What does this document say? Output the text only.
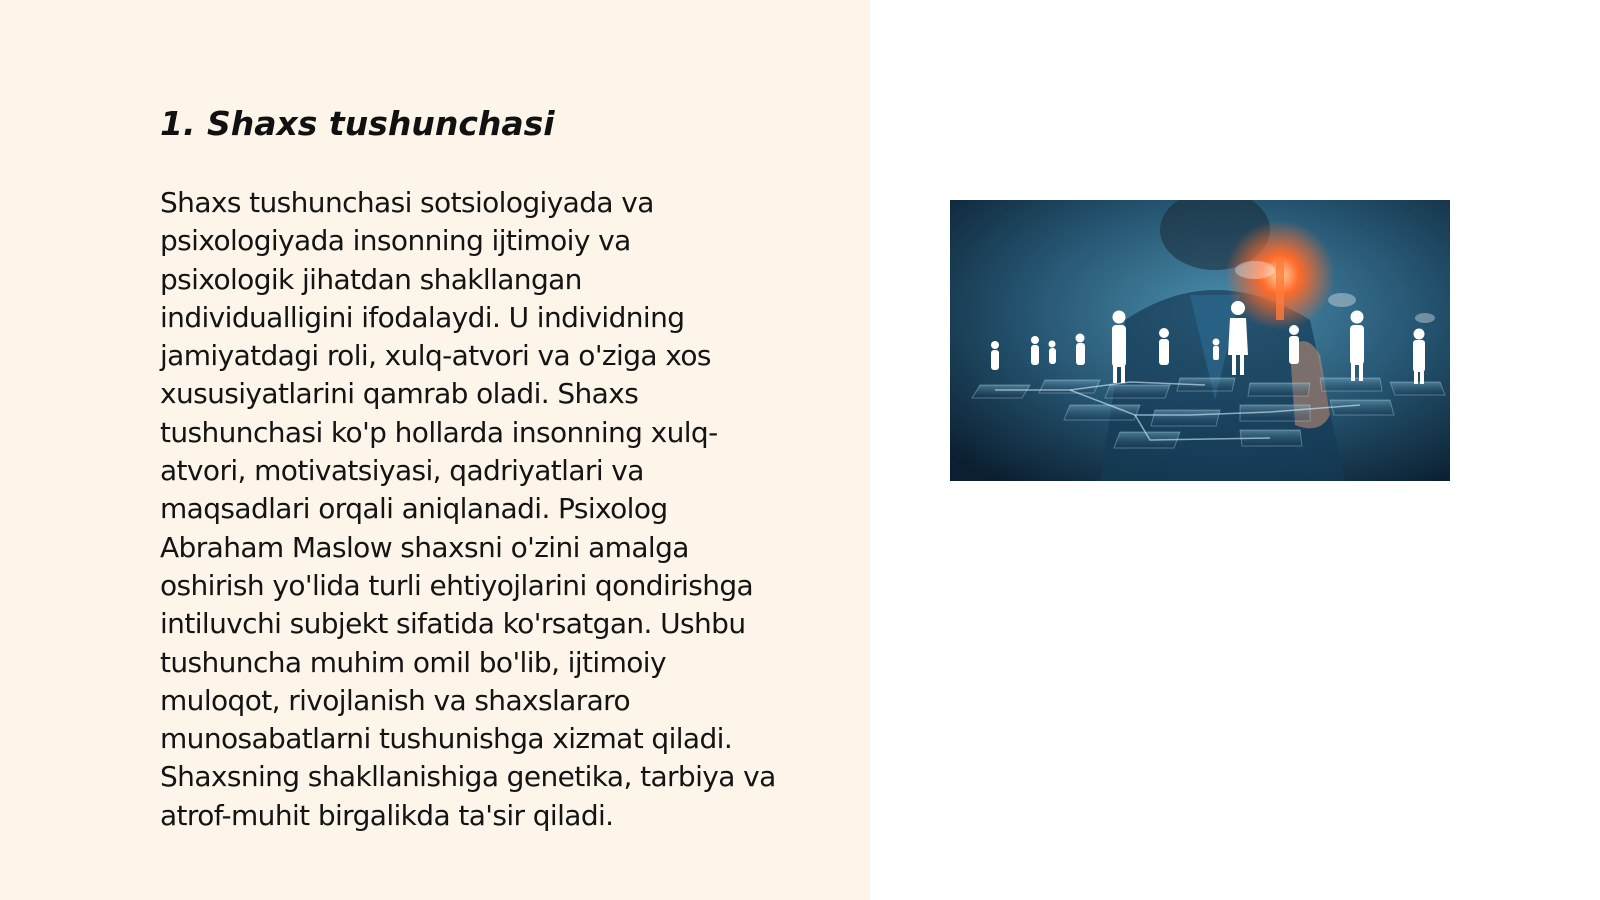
1. Shaxs tushunchasi
Shaxs tushunchasi sotsiologiyada va
psixologiyada insonning ijtimoiy va
psixologik jihatdan shakllangan
individualligini ifodalaydi. U individning
jamiyatdagi roli, xulq-atvori va o'ziga xos
xususiyatlarini qamrab oladi. Shaxs
tushunchasi ko'p hollarda insonning xulq-
atvori, motivatsiyasi, qadriyatlari va
maqsadlari orqali aniqlanadi. Psixolog
Abraham Maslow shaxsni o'zini amalga
oshirish yo'lida turli ehtiyojlarini qondirishga
intiluvchi subjekt sifatida ko'rsatgan. Ushbu
tushuncha muhim omil bo'lib, ijtimoiy
muloqot, rivojlanish va shaxslararo
munosabatlarni tushunishga xizmat qiladi.
Shaxsning shakllanishiga genetika, tarbiya va
atrof-muhit birgalikda ta'sir qiladi.
